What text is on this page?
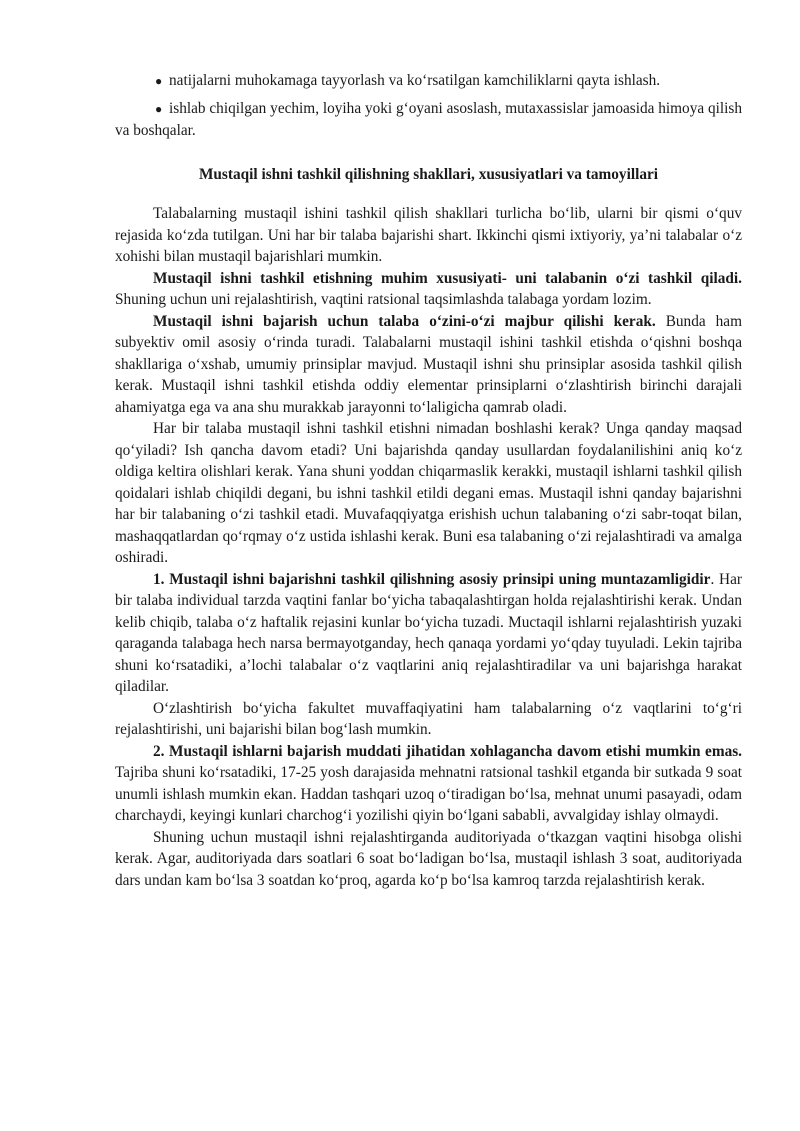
● natijalarni muhokamaga tayyorlash va ko‘rsatilgan kamchiliklarni qayta ishlash.

● ishlab chiqilgan yechim, loyiha yoki g‘oyani asoslash, mutaxassislar jamoasida himoya qilish va boshqalar.

Mustaqil ishni tashkil qilishning shakllari, xususiyatlari va tamoyillari

Talabalarning mustaqil ishini tashkil qilish shakllari turlicha bo‘lib, ularni bir qismi o‘quv rejasida ko‘zda tutilgan. Uni har bir talaba bajarishi shart. Ikkinchi qismi ixtiyoriy, ya’ni talabalar o‘z xohishi bilan mustaqil bajarishlari mumkin.

Mustaqil ishni tashkil etishning muhim xususiyati- uni talabanin o‘zi tashkil qiladi. Shuning uchun uni rejalashtirish, vaqtini ratsional taqsimlashda talabaga yordam lozim.

Mustaqil ishni bajarish uchun talaba o‘zini-o‘zi majbur qilishi kerak. Bunda ham subyektiv omil asosiy o‘rinda turadi. Talabalarni mustaqil ishini tashkil etishda o‘qishni boshqa shakllariga o‘xshab, umumiy prinsiplar mavjud. Mustaqil ishni shu prinsiplar asosida tashkil qilish kerak. Mustaqil ishni tashkil etishda oddiy elementar prinsiplarni o‘zlashtirish birinchi darajali ahamiyatga ega va ana shu murakkab jarayonni to‘laligicha qamrab oladi.

Har bir talaba mustaqil ishni tashkil etishni nimadan boshlashi kerak? Unga qanday maqsad qo‘yiladi? Ish qancha davom etadi? Uni bajarishda qanday usullardan foydalanilishini aniq ko‘z oldiga keltira olishlari kerak. Yana shuni yoddan chiqarmaslik kerakki, mustaqil ishlarni tashkil qilish qoidalari ishlab chiqildi degani, bu ishni tashkil etildi degani emas. Mustaqil ishni qanday bajarishni har bir talabaning o‘zi tashkil etadi. Muvafaqqiyatga erishish uchun talabaning o‘zi sabr-toqat bilan, mashaqqatlardan qo‘rqmay o‘z ustida ishlashi kerak. Buni esa talabaning o‘zi rejalashtiradi va amalga oshiradi.

1. Mustaqil ishni bajarishni tashkil qilishning asosiy prinsipi uning muntazamligidir. Har bir talaba individual tarzda vaqtini fanlar bo‘yicha tabaqalashtirgan holda rejalashtirishi kerak. Undan kelib chiqib, talaba o‘z haftalik rejasini kunlar bo‘yicha tuzadi. Muctaqil ishlarni rejalashtirish yuzaki qaraganda talabaga hech narsa bermayotganday, hech qanaqa yordami yo‘qday tuyuladi. Lekin tajriba shuni ko‘rsatadiki, a’lochi talabalar o‘z vaqtlarini aniq rejalashtiradilar va uni bajarishga harakat qiladilar.

O‘zlashtirish bo‘yicha fakultet muvaffaqiyatini ham talabalarning o‘z vaqtlarini to‘g‘ri rejalashtirishi, uni bajarishi bilan bog‘lash mumkin.

2. Mustaqil ishlarni bajarish muddati jihatidan xohlagancha davom etishi mumkin emas. Tajriba shuni ko‘rsatadiki, 17-25 yosh darajasida mehnatni ratsional tashkil etganda bir sutkada 9 soat unumli ishlash mumkin ekan. Haddan tashqari uzoq o‘tiradigan bo‘lsa, mehnat unumi pasayadi, odam charchaydi, keyingi kunlari charchog‘i yozilishi qiyin bo‘lgani sababli, avvalgiday ishlay olmaydi.

Shuning uchun mustaqil ishni rejalashtirganda auditoriyada o‘tkazgan vaqtini hisobga olishi kerak. Agar, auditoriyada dars soatlari 6 soat bo‘ladigan bo‘lsa, mustaqil ishlash 3 soat, auditoriyada dars undan kam bo‘lsa 3 soatdan ko‘proq, agarda ko‘p bo‘lsa kamroq tarzda rejalashtirish kerak.
